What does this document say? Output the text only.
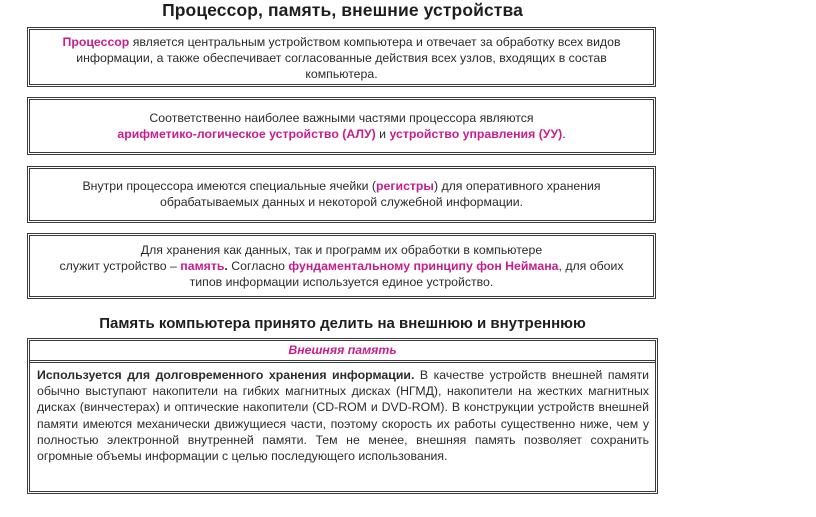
Процессор, память, внешние устройства

Процессор является центральным устройством компьютера и отвечает за обработку всех видов информации, а также обеспечивает согласованные действия всех узлов, входящих в состав компьютера.

Соответственно наиболее важными частями процессора являются

арифметико-логическое устройство (АЛУ) и устройство управления (УУ).

Внутри процессора имеются специальные ячейки (регистры) для оперативного хранения обрабатываемых данных и некоторой служебной информации.

Для хранения как данных, так и программ их обработки в компьютере

служит устройство – память. Согласно фундаментальному принципу фон Неймана, для обоих типов информации используется единое устройство.

Память компьютера принято делить на внешнюю и внутреннюю
Внешняя память
Используется для долговременного хранения информации. В качестве устройств внешней памяти обычно выступают накопители на гибких магнитных дисках (НГМД), накопители на жестких магнитных дисках (винчестерах) и оптические накопители (CD-ROM и DVD-ROM). В конструкции устройств внешней памяти имеются механически движущиеся части, поэтому скорость их работы существенно ниже, чем у полностью электронной внутренней памяти. Тем не менее, внешняя память позволяет сохранить огромные объемы информации с целью последующего использования.
